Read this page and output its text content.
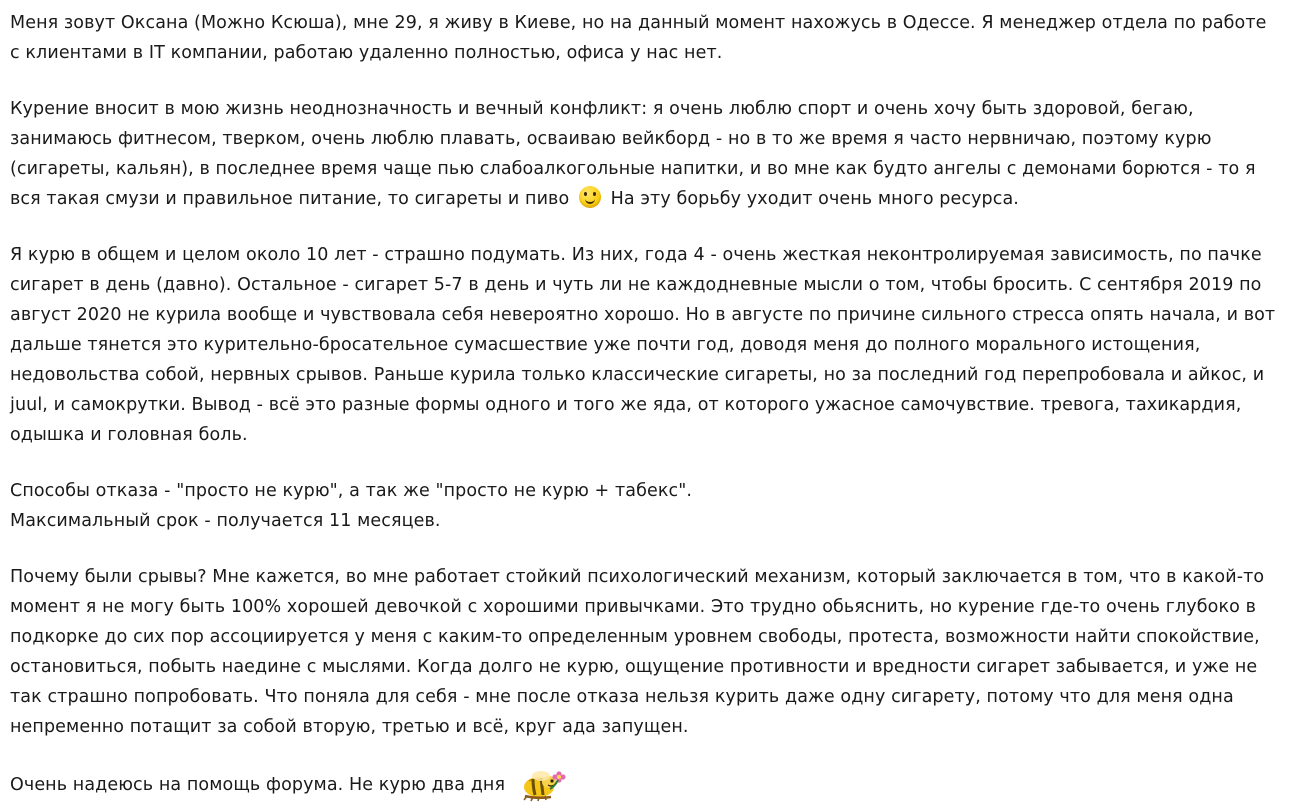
Меня зовут Оксана (Можно Ксюша), мне 29, я живу в Киеве, но на данный момент нахожусь в Одессе. Я менеджер отдела по работе с клиентами в IT компании, работаю удаленно полностью, офиса у нас нет.

Курение вносит в мою жизнь неоднозначность и вечный конфликт: я очень люблю спорт и очень хочу быть здоровой, бегаю, занимаюсь фитнесом, тверком, очень люблю плавать, осваиваю вейкборд - но в то же время я часто нервничаю, поэтому курю (сигареты, кальян), в последнее время чаще пью слабоалкогольные напитки, и во мне как будто ангелы с демонами борются - то я вся такая смузи и правильное питание, то сигареты и пиво На эту борьбу уходит очень много ресурса.

Я курю в общем и целом около 10 лет - страшно подумать. Из них, года 4 - очень жесткая неконтролируемая зависимость, по пачке сигарет в день (давно). Остальное - сигарет 5-7 в день и чуть ли не каждодневные мысли о том, чтобы бросить. С сентября 2019 по август 2020 не курила вообще и чувствовала себя невероятно хорошо. Но в августе по причине сильного стресса опять начала, и вот дальше тянется это курительно-бросательное сумасшествие уже почти год, доводя меня до полного морального истощения, недовольства собой, нервных срывов. Раньше курила только классические сигареты, но за последний год перепробовала и айкос, и juul, и самокрутки. Вывод - всё это разные формы одного и того же яда, от которого ужасное самочувствие. тревога, тахикардия, одышка и головная боль.

Способы отказа - "просто не курю", а так же "просто не курю + табекс".

Максимальный срок - получается 11 месяцев.

Почему были срывы? Мне кажется, во мне работает стойкий психологический механизм, который заключается в том, что в какой-то момент я не могу быть 100% хорошей девочкой с хорошими привычками. Это трудно обьяснить, но курение где-то очень глубоко в подкорке до сих пор ассоциируется у меня с каким-то определенным уровнем свободы, протеста, возможности найти спокойствие, остановиться, побыть наедине с мыслями. Когда долго не курю, ощущение противности и вредности сигарет забывается, и уже не так страшно попробовать. Что поняла для себя - мне после отказа нельзя курить даже одну сигарету, потому что для меня одна непременно потащит за собой вторую, третью и всё, круг ада запущен.

Очень надеюсь на помощь форума. Не курю два дня
